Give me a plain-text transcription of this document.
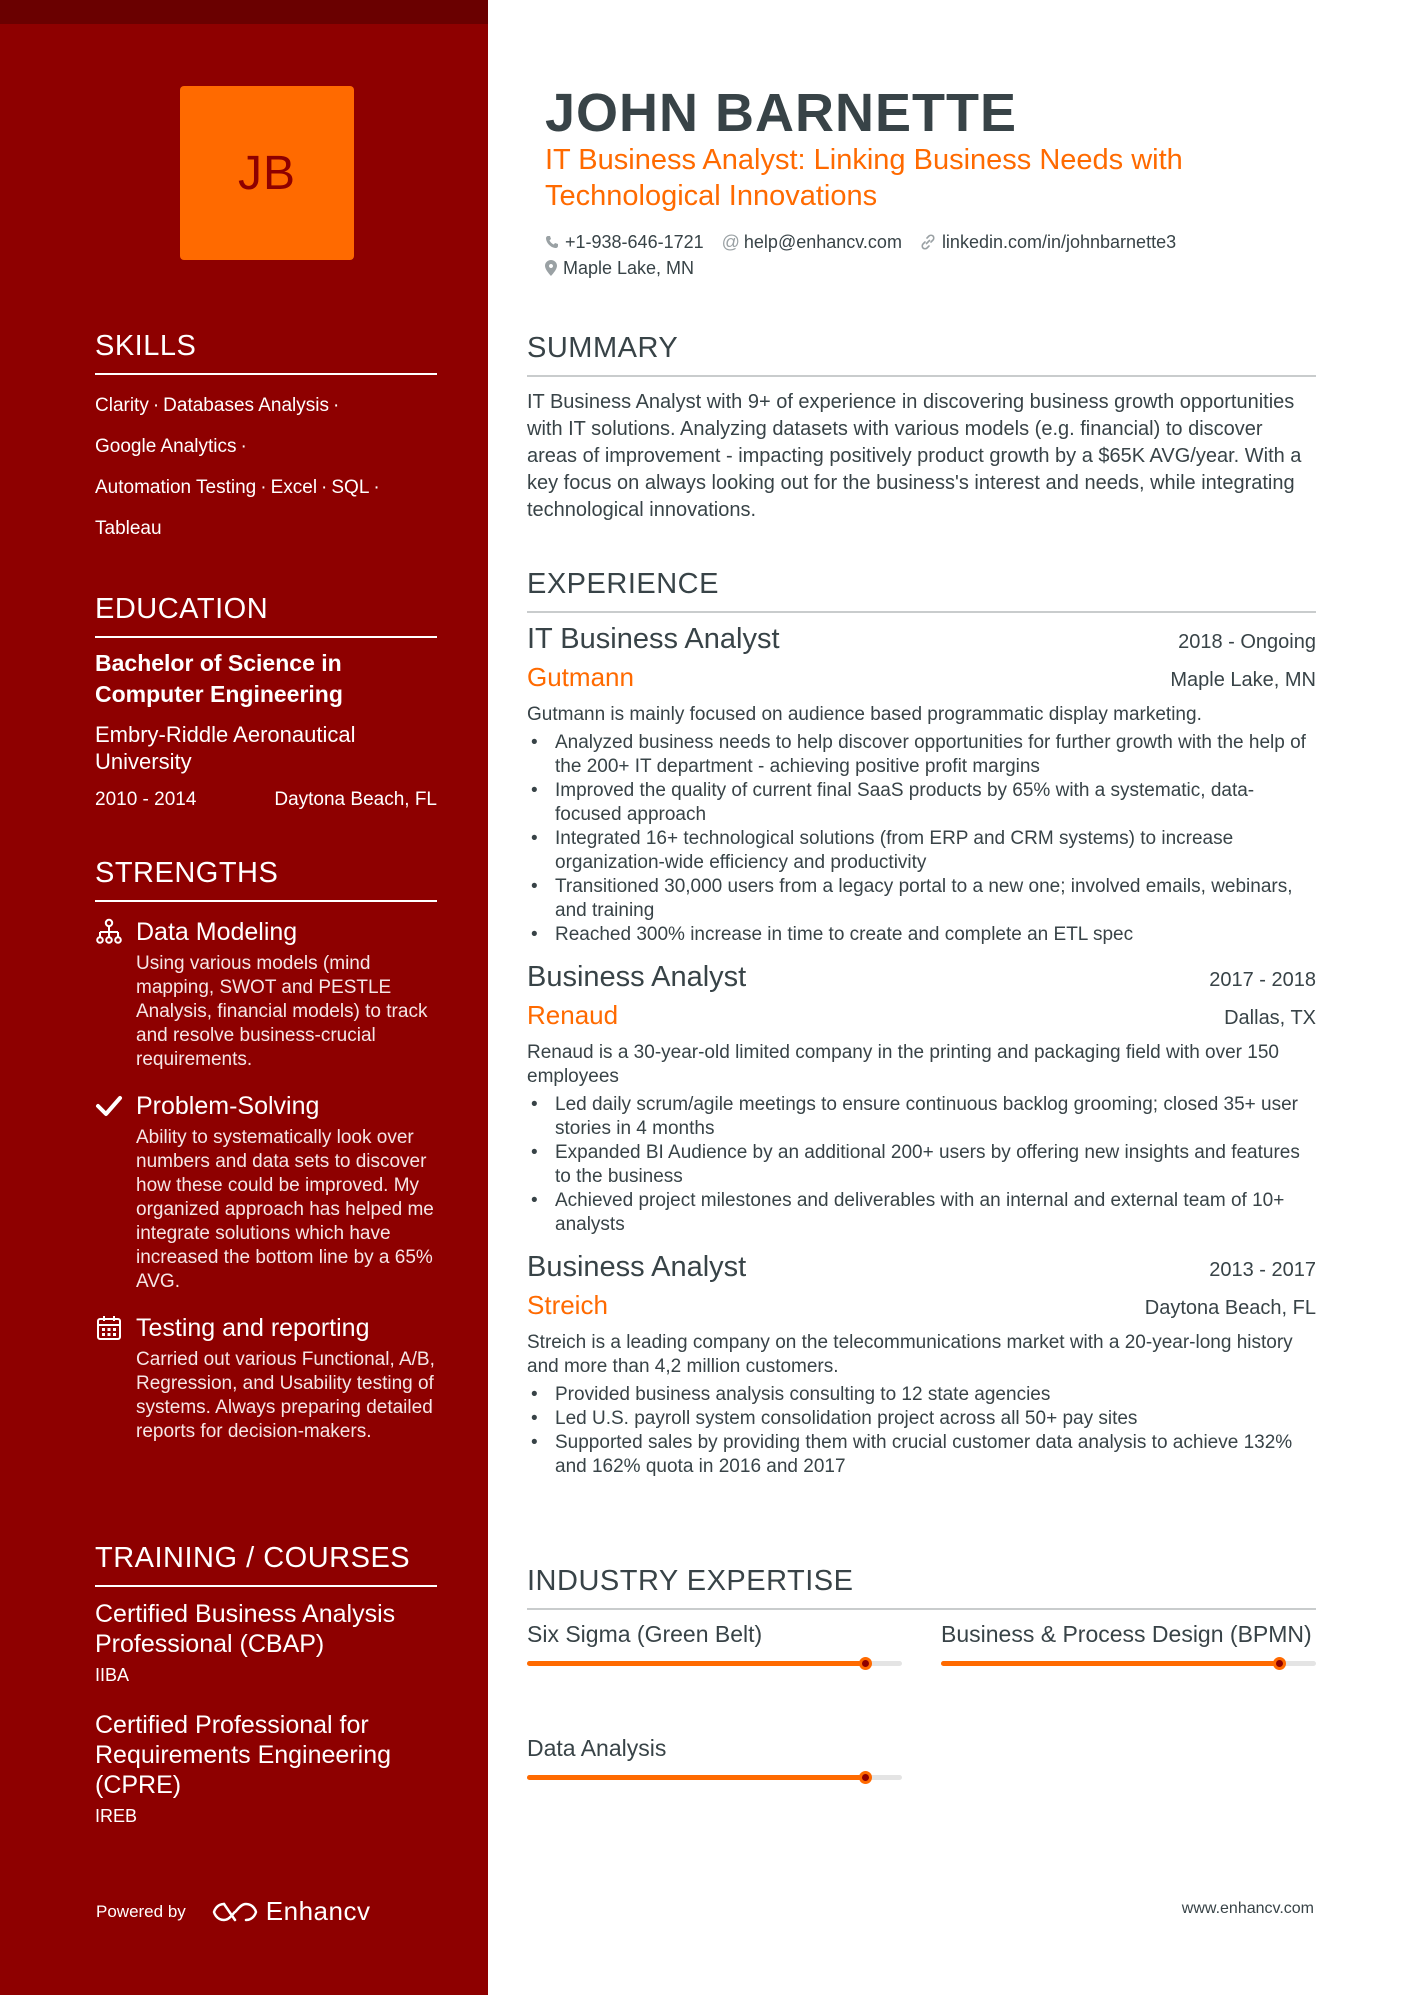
JB
SKILLS
Clarity · Databases Analysis ·
Google Analytics ·
Automation Testing · Excel · SQL ·
Tableau
EDUCATION
Bachelor of Science in Computer Engineering
Embry-Riddle Aeronautical University
2010 - 2014	Daytona Beach, FL
STRENGTHS
Data Modeling
Using various models (mind mapping, SWOT and PESTLE Analysis, financial models) to track and resolve business-crucial requirements.
Problem-Solving
Ability to systematically look over numbers and data sets to discover how these could be improved. My organized approach has helped me integrate solutions which have increased the bottom line by a 65% AVG.
Testing and reporting
Carried out various Functional, A/B, Regression, and Usability testing of systems. Always preparing detailed reports for decision-makers.
TRAINING / COURSES
Certified Business Analysis Professional (CBAP)
IIBA
Certified Professional for Requirements Engineering (CPRE)
IREB
Powered by	Enhancv
JOHN BARNETTE
IT Business Analyst: Linking Business Needs with Technological Innovations
+1-938-646-1721 @ help@enhancv.com linkedin.com/in/johnbarnette3
Maple Lake, MN
SUMMARY
IT Business Analyst with 9+ of experience in discovering business growth opportunities with IT solutions. Analyzing datasets with various models (e.g. financial) to discover areas of improvement - impacting positively product growth by a $65K AVG/year. With a key focus on always looking out for the business's interest and needs, while integrating technological innovations.
EXPERIENCE
IT Business Analyst	2018 - Ongoing
Gutmann	Maple Lake, MN
Gutmann is mainly focused on audience based programmatic display marketing.
• Analyzed business needs to help discover opportunities for further growth with the help of the 200+ IT department - achieving positive profit margins
• Improved the quality of current final SaaS products by 65% with a systematic, data-focused approach
• Integrated 16+ technological solutions (from ERP and CRM systems) to increase organization-wide efficiency and productivity
• Transitioned 30,000 users from a legacy portal to a new one; involved emails, webinars, and training
• Reached 300% increase in time to create and complete an ETL spec
Business Analyst	2017 - 2018
Renaud	Dallas, TX
Renaud is a 30-year-old limited company in the printing and packaging field with over 150 employees
• Led daily scrum/agile meetings to ensure continuous backlog grooming; closed 35+ user stories in 4 months
• Expanded BI Audience by an additional 200+ users by offering new insights and features to the business
• Achieved project milestones and deliverables with an internal and external team of 10+ analysts
Business Analyst	2013 - 2017
Streich	Daytona Beach, FL
Streich is a leading company on the telecommunications market with a 20-year-long history and more than 4,2 million customers.
• Provided business analysis consulting to 12 state agencies
• Led U.S. payroll system consolidation project across all 50+ pay sites
• Supported sales by providing them with crucial customer data analysis to achieve 132% and 162% quota in 2016 and 2017
INDUSTRY EXPERTISE
Six Sigma (Green Belt)	Business & Process Design (BPMN)
Data Analysis
www.enhancv.com
